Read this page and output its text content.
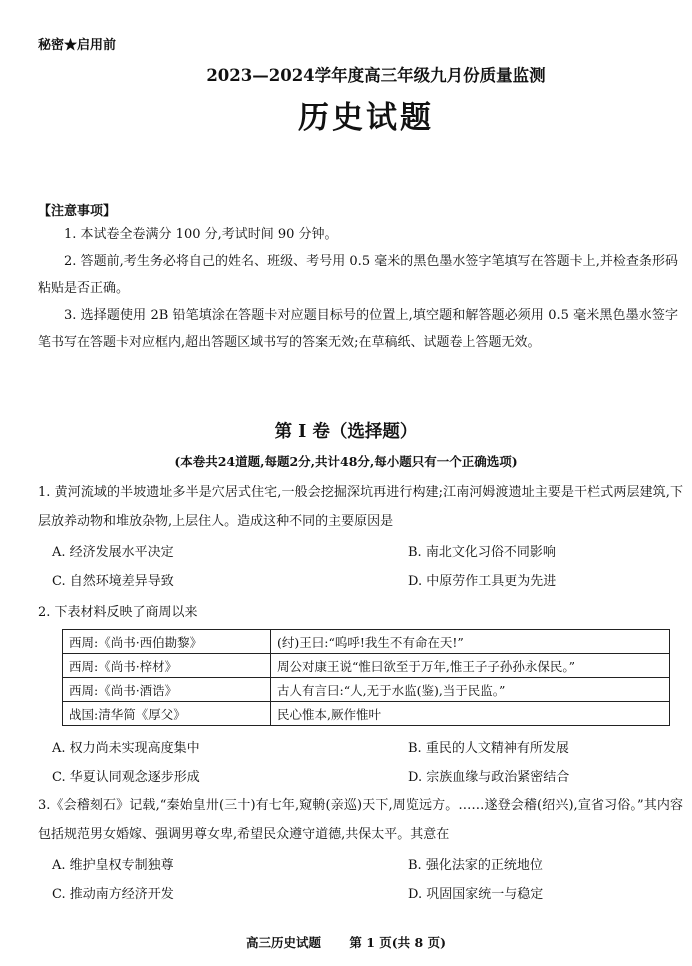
秘密★启用前
2023—2024学年度高三年级九月份质量监测
历史试题
【注意事项】
1. 本试卷全卷满分 100 分,考试时间 90 分钟。
2. 答题前,考生务必将自己的姓名、班级、考号用 0.5 毫米的黑色墨水签字笔填写在答题卡上,并检查条形码粘贴是否正确。
3. 选择题使用 2B 铅笔填涂在答题卡对应题目标号的位置上,填空题和解答题必须用 0.5 毫米黑色墨水签字笔书写在答题卡对应框内,超出答题区域书写的答案无效;在草稿纸、试题卷上答题无效。
第 Ⅰ 卷（选择题）
(本卷共24道题,每题2分,共计48分,每小题只有一个正确选项)
1. 黄河流域的半坡遗址多半是穴居式住宅,一般会挖掘深坑再进行构建;江南河姆渡遗址主要是干栏式两层建筑,下层放养动物和堆放杂物,上层住人。造成这种不同的主要原因是
A. 经济发展水平决定	B. 南北文化习俗不同影响
C. 自然环境差异导致	D. 中原劳作工具更为先进
2. 下表材料反映了商周以来
西周:《尚书·西伯勘黎》	(纣)王曰:“呜呼!我生不有命在天!”
西周:《尚书·梓材》	周公对康王说“惟曰欲至于万年,惟王子子孙孙永保民。”
西周:《尚书·酒诰》	古人有言曰:“人,无于水监(鉴),当于民监。”
战国:清华简《厚父》	民心惟本,厥作惟叶
A. 权力尚未实现高度集中	B. 重民的人文精神有所发展
C. 华夏认同观念逐步形成	D. 宗族血缘与政治紧密结合
3.《会稽刻石》记载,“秦始皇卅(三十)有七年,窥輈(亲巡)天下,周览远方。……遂登会稽(绍兴),宣省习俗。”其内容包括规范男女婚嫁、强调男尊女卑,希望民众遵守道德,共保太平。其意在
A. 维护皇权专制独尊	B. 强化法家的正统地位
C. 推动南方经济开发	D. 巩固国家统一与稳定
高三历史试题 第 1 页(共 8 页)
